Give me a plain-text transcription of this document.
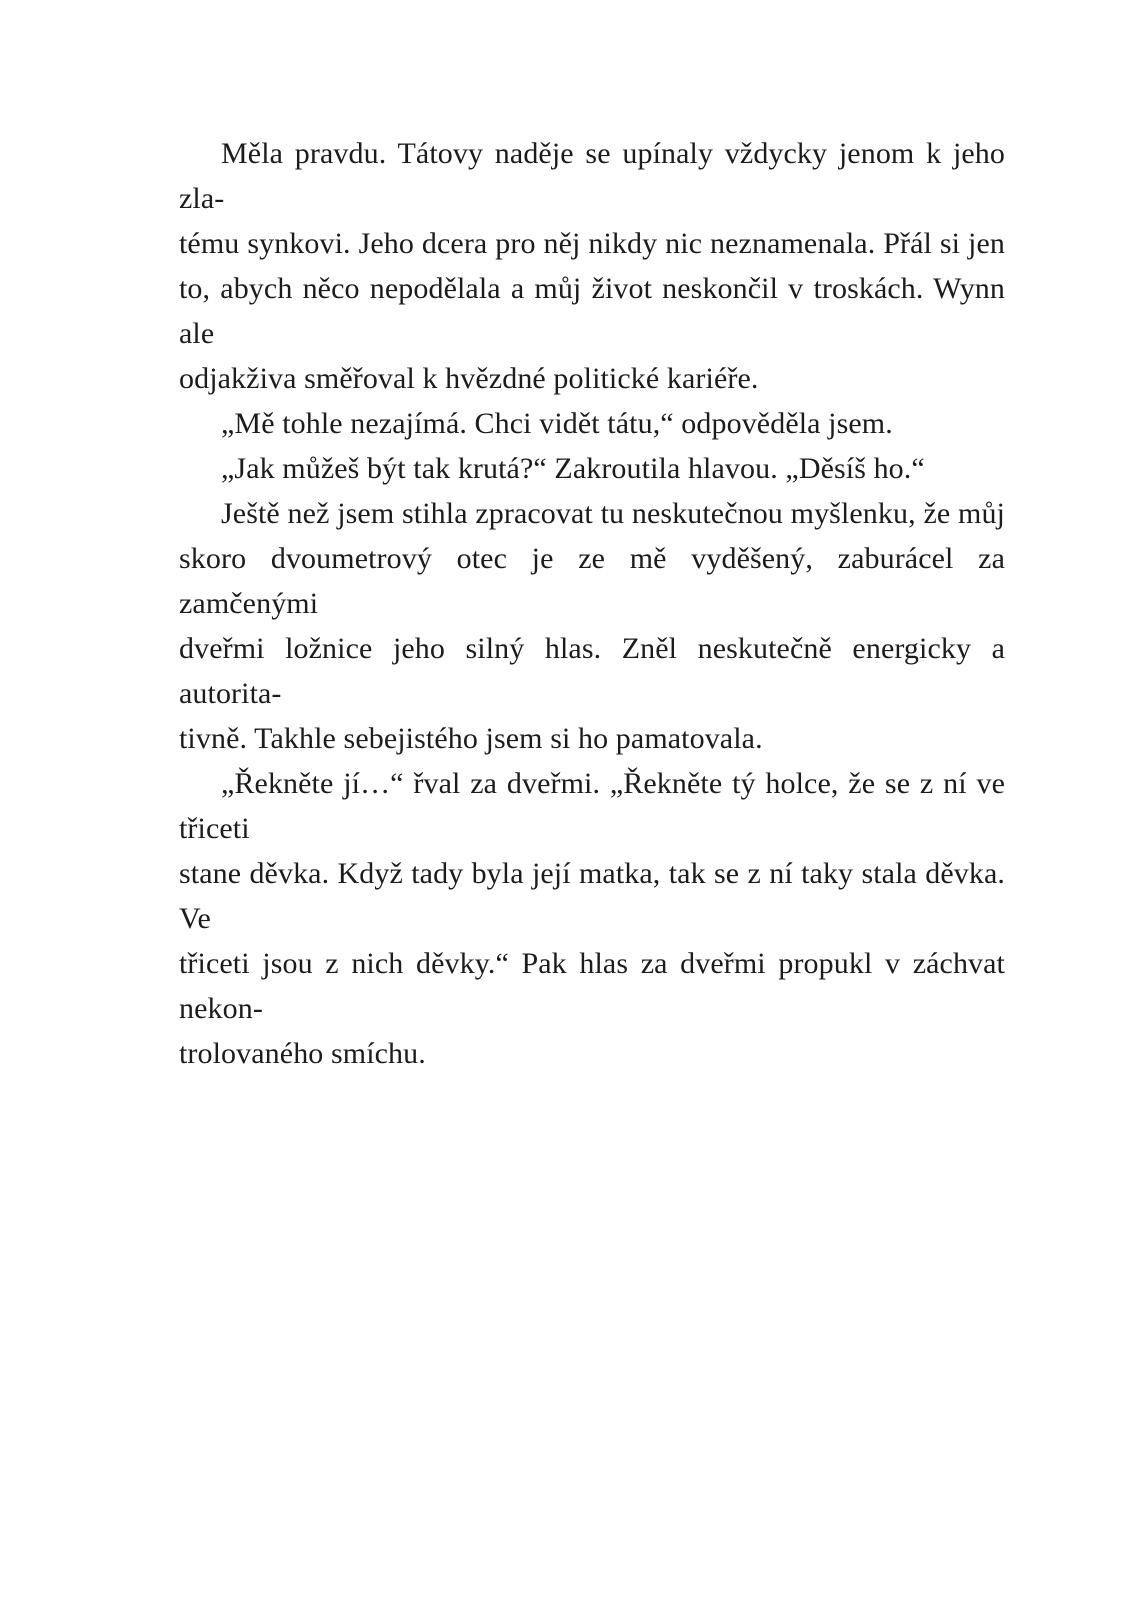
Měla pravdu. Tátovy naděje se upínaly vždycky jenom k jeho zla-
tému synkovi. Jeho dcera pro něj nikdy nic neznamenala. Přál si jen
to, abych něco nepodělala a můj život neskončil v troskách. Wynn ale
odjakživa směřoval k hvězdné politické kariéře.
„Mě tohle nezajímá. Chci vidět tátu,“ odpověděla jsem.
„Jak můžeš být tak krutá?“ Zakroutila hlavou. „Děsíš ho.“
Ještě než jsem stihla zpracovat tu neskutečnou myšlenku, že můj
skoro dvoumetrový otec je ze mě vyděšený, zaburácel za zamčenými
dveřmi ložnice jeho silný hlas. Zněl neskutečně energicky a autorita-
tivně. Takhle sebejistého jsem si ho pamatovala.
„Řekněte jí…“ řval za dveřmi. „Řekněte tý holce, že se z ní ve třiceti
stane děvka. Když tady byla její matka, tak se z ní taky stala děvka. Ve
třiceti jsou z nich děvky.“ Pak hlas za dveřmi propukl v záchvat nekon-
trolovaného smíchu.
